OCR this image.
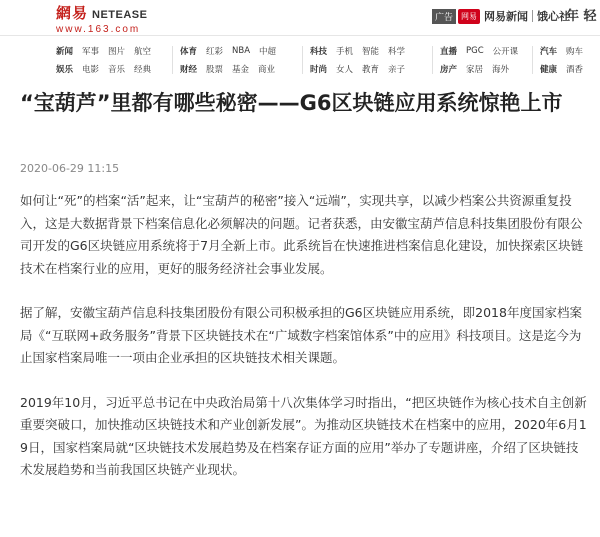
網易 NETEASE
www.163.com
广告	网易 网易新闻 饿心社
年 轻
新闻 军事 图片 航空
娱乐 电影 音乐 经典
体育 红彩 NBA 中超
财经 股票 基金 商业
科技 手机 智能 科学
时尚 女人 教育 亲子
直播 PGC 公开课
房产 家居 海外
汽车 购车
健康 酒香
“宝葫芦”里都有哪些秘密——G6区块链应用系统惊艳上市
2020-06-29 11:15

如何让“死”的档案“活”起来，让“宝葫芦的秘密”接入“远端”，实现共享，以减少档案公共资源重复投入，这是大数据背景下档案信息化必须解决的问题。记者获悉，由安徽宝葫芦信息科技集团股份有限公司开发的G6区块链应用系统将于7月全新上市。此系统旨在快速推进档案信息化建设，加快探索区块链技术在档案行业的应用，更好的服务经济社会事业发展。

据了解，安徽宝葫芦信息科技集团股份有限公司积极承担的G6区块链应用系统，即2018年度国家档案局《“互联网+政务服务”背景下区块链技术在“广域数字档案馆体系”中的应用》科技项目。这是迄今为止国家档案局唯一一项由企业承担的区块链技术相关课题。

2019年10月，习近平总书记在中央政治局第十八次集体学习时指出，“把区块链作为核心技术自主创新重要突破口，加快推动区块链技术和产业创新发展”。为推动区块链技术在档案中的应用，2020年6月19日，国家档案局就“区块链技术发展趋势及在档案存证方面的应用”举办了专题讲座，介绍了区块链技术发展趋势和当前我国区块链产业现状。
